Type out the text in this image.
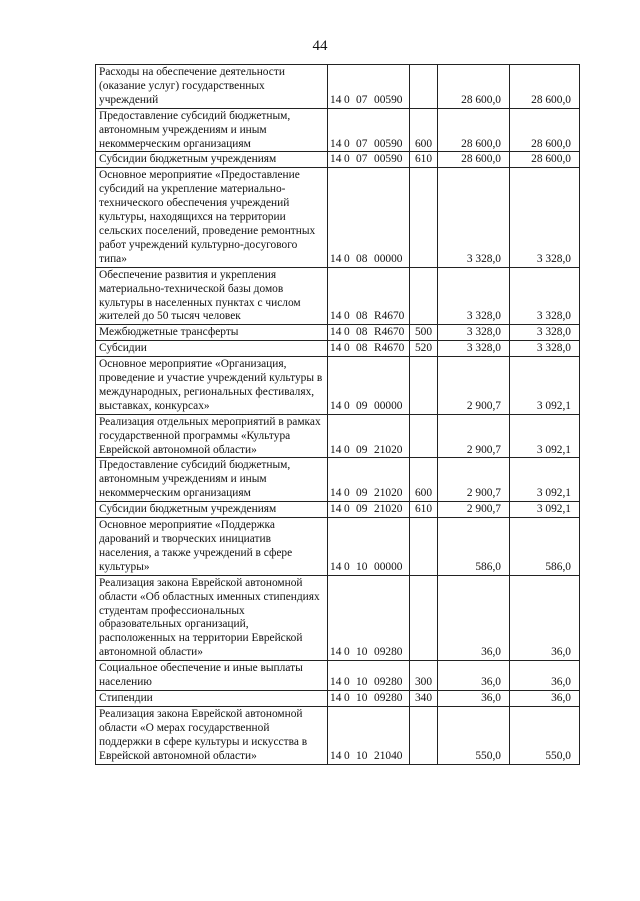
44
Расходы на обеспечение деятельности (оказание услуг) государственных учреждений	14 0 07 00590		28 600,0	28 600,0
Предоставление субсидий бюджетным, автономным учреждениям и иным некоммерческим организациям	14 0 07 00590	600	28 600,0	28 600,0
Субсидии бюджетным учреждениям	14 0 07 00590	610	28 600,0	28 600,0
Основное мероприятие «Предоставление субсидий на укрепление материально-технического обеспечения учреждений культуры, находящихся на территории сельских поселений, проведение ремонтных работ учреждений культурно-досугового типа»	14 0 08 00000		3 328,0	3 328,0
Обеспечение развития и укрепления материально-технической базы домов культуры в населенных пунктах с числом жителей до 50 тысяч человек	14 0 08 R4670		3 328,0	3 328,0
Межбюджетные трансферты	14 0 08 R4670	500	3 328,0	3 328,0
Субсидии	14 0 08 R4670	520	3 328,0	3 328,0
Основное мероприятие «Организация, проведение и участие учреждений культуры в международных, региональных фестивалях, выставках, конкурсах»	14 0 09 00000		2 900,7	3 092,1
Реализация отдельных мероприятий в рамках государственной программы «Культура Еврейской автономной области»	14 0 09 21020		2 900,7	3 092,1
Предоставление субсидий бюджетным, автономным учреждениям и иным некоммерческим организациям	14 0 09 21020	600	2 900,7	3 092,1
Субсидии бюджетным учреждениям	14 0 09 21020	610	2 900,7	3 092,1
Основное мероприятие «Поддержка дарований и творческих инициатив населения, а также учреждений в сфере культуры»	14 0 10 00000		586,0	586,0
Реализация закона Еврейской автономной области «Об областных именных стипендиях студентам профессиональных образовательных организаций, расположенных на территории Еврейской автономной области»	14 0 10 09280		36,0	36,0
Социальное обеспечение и иные выплаты населению	14 0 10 09280	300	36,0	36,0
Стипендии	14 0 10 09280	340	36,0	36,0
Реализация закона Еврейской автономной области «О мерах государственной поддержки в сфере культуры и искусства в Еврейской автономной области»	14 0 10 21040		550,0	550,0
